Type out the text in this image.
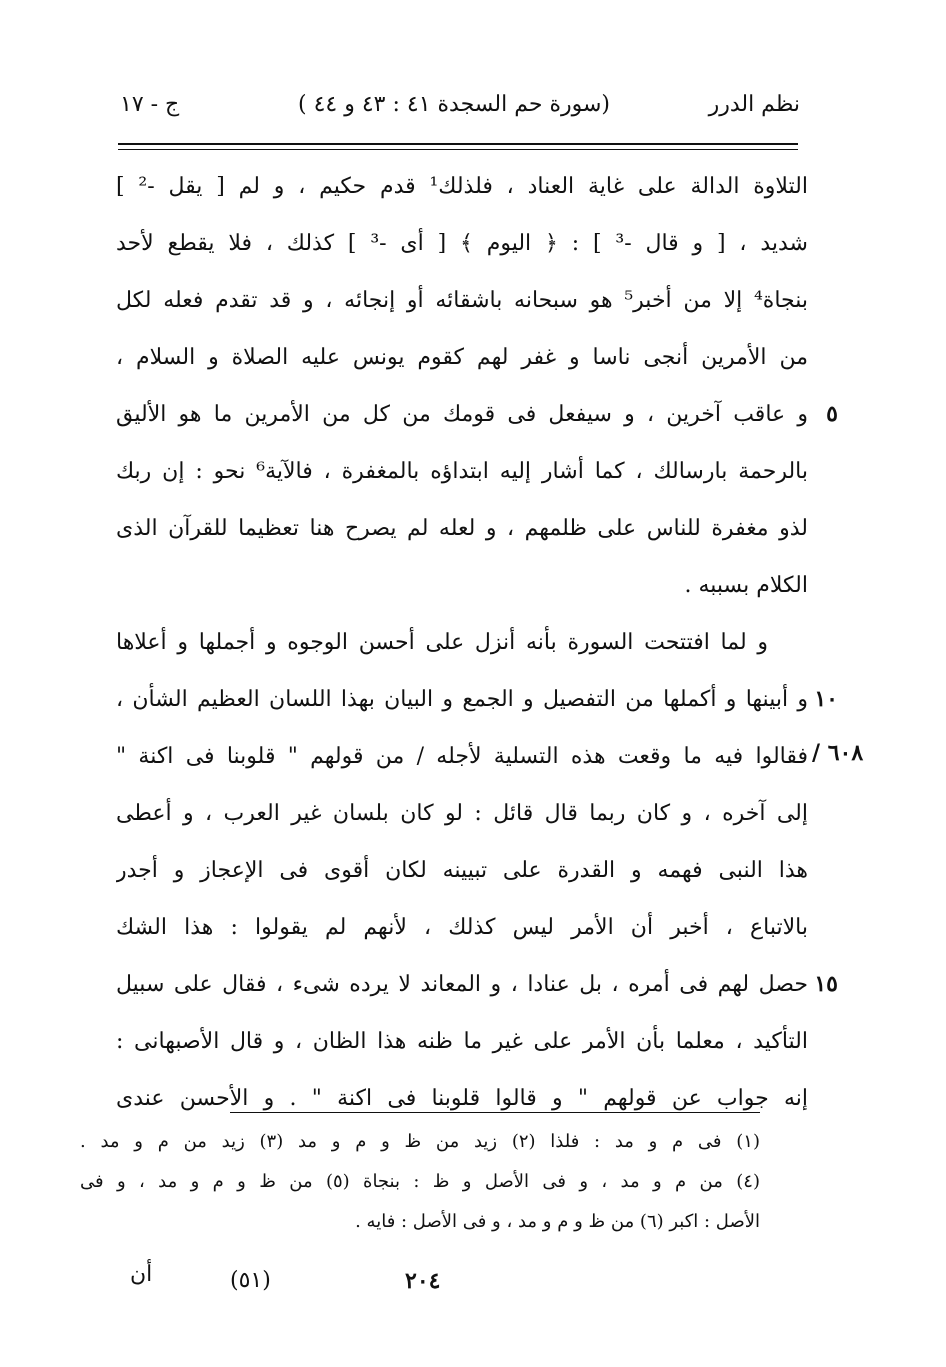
نظم الدرر
(سورة حم السجدة ٤١ : ٤٣ و ٤٤ )
ج - ١٧
التلاوة الدالة على غاية العناد ، فلذلك¹ قدم حكيم ، و لم [ يقل -² ]
شديد ، [ و قال -³ ] : ﴿ اليوم ﴾ [ أى -³ ] كذلك ، فلا يقطع لأحد
بنجاة⁴ إلا من أخبر⁵ هو سبحانه باشقائه أو إنجائه ، و قد تقدم فعله لكل
من الأمرين أنجى ناسا و غفر لهم كقوم يونس عليه الصلاة و السلام ،
و عاقب آخرين ، و سيفعل فى قومك من كل من الأمرين ما هو الأليق
بالرحمة بارسالك ، كما أشار إليه ابتداؤه بالمغفرة ، فالآية⁶ نحو : إن ربك
لذو مغفرة للناس على ظلمهم ، و لعله لم يصرح هنا تعظيما للقرآن الذى
الكلام بسببه .
و لما افتتحت السورة بأنه أنزل على أحسن الوجوه و أجملها و أعلاها
و أبينها و أكملها من التفصيل و الجمع و البيان بهذا اللسان العظيم الشأن ،
فقالوا فيه ما وقعت هذه التسلية لأجله / من قولهم " قلوبنا فى اكنة "
إلى آخره ، و كان ربما قال قائل : لو كان بلسان غير العرب ، و أعطى
هذا النبى فهمه و القدرة على تبيينه لكان أقوى فى الإعجاز و أجدر
بالاتباع ، أخبر أن الأمر ليس كذلك ، لأنهم لم يقولوا : هذا الشك
حصل لهم فى أمره ، بل عنادا ، و المعاند لا يرده شىء ، فقال على سبيل
التأكيد ، معلما بأن الأمر على غير ما ظنه هذا الظان ، و قال الأصبهانى :
إنه جواب عن قولهم " و قالوا قلوبنا فى اكنة " . و الأحسن عندى
٥
١٠
١٥
٦٠٨ /
(١) فى م و مد : فلذا (٢) زيد من ظ و م و مد (٣) زيد من م و مد .
(٤) من م و مد ، و فى الأصل و ظ : بنجاة (٥) من ظ و م و مد ، و فى
الأصل : اكبر (٦) من ظ و م و مد ، و فى الأصل : فايه .
أن	(٥١)	٢٠٤
